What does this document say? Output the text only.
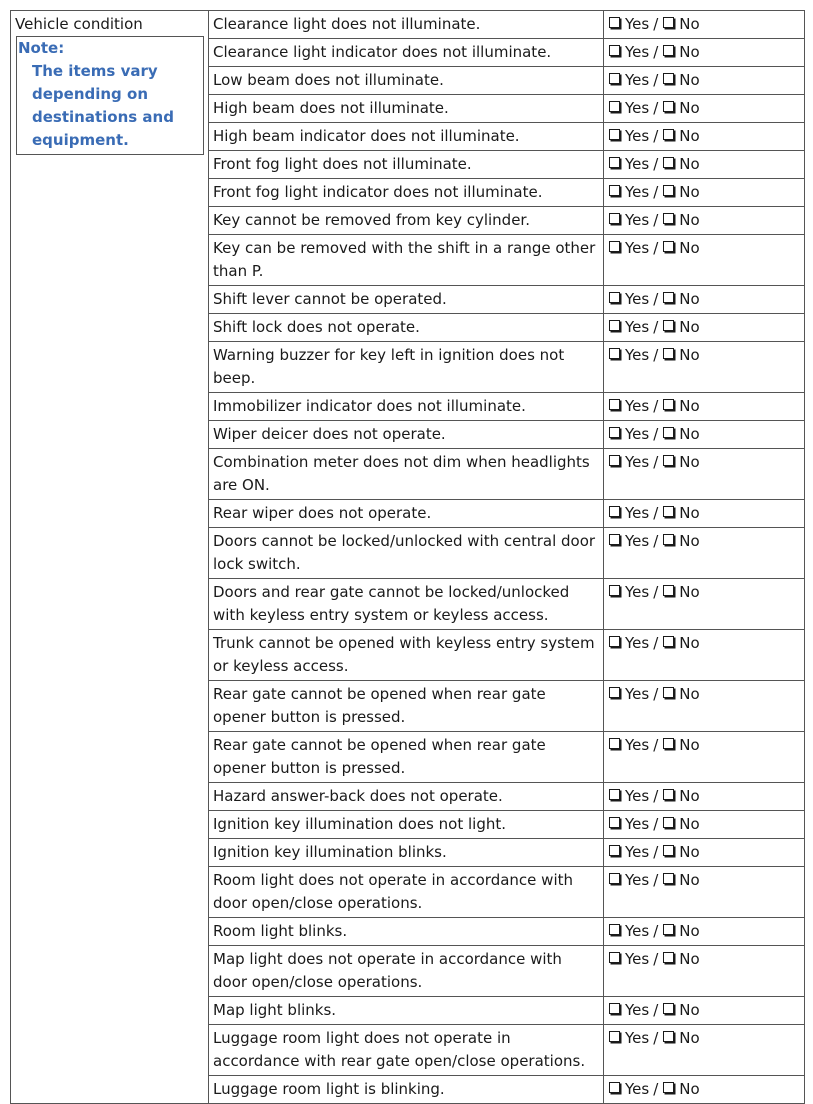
Vehicle condition
Note:
The items vary depending on destinations and equipment.	Clearance light does not illuminate.	Yes / No
	Clearance light indicator does not illuminate.	Yes / No
	Low beam does not illuminate.	Yes / No
	High beam does not illuminate.	Yes / No
	High beam indicator does not illuminate.	Yes / No
	Front fog light does not illuminate.	Yes / No
	Front fog light indicator does not illuminate.	Yes / No
	Key cannot be removed from key cylinder.	Yes / No
	Key can be removed with the shift in a range other than P.	Yes / No
	Shift lever cannot be operated.	Yes / No
	Shift lock does not operate.	Yes / No
	Warning buzzer for key left in ignition does not beep.	Yes / No
	Immobilizer indicator does not illuminate.	Yes / No
	Wiper deicer does not operate.	Yes / No
	Combination meter does not dim when headlights are ON.	Yes / No
	Rear wiper does not operate.	Yes / No
	Doors cannot be locked/unlocked with central door lock switch.	Yes / No
	Doors and rear gate cannot be locked/unlocked with keyless entry system or keyless access.	Yes / No
	Trunk cannot be opened with keyless entry system or keyless access.	Yes / No
	Rear gate cannot be opened when rear gate opener button is pressed.	Yes / No
	Rear gate cannot be opened when rear gate opener button is pressed.	Yes / No
	Hazard answer-back does not operate.	Yes / No
	Ignition key illumination does not light.	Yes / No
	Ignition key illumination blinks.	Yes / No
	Room light does not operate in accordance with door open/close operations.	Yes / No
	Room light blinks.	Yes / No
	Map light does not operate in accordance with door open/close operations.	Yes / No
	Map light blinks.	Yes / No
	Luggage room light does not operate in accordance with rear gate open/close operations.	Yes / No
	Luggage room light is blinking.	Yes / No
